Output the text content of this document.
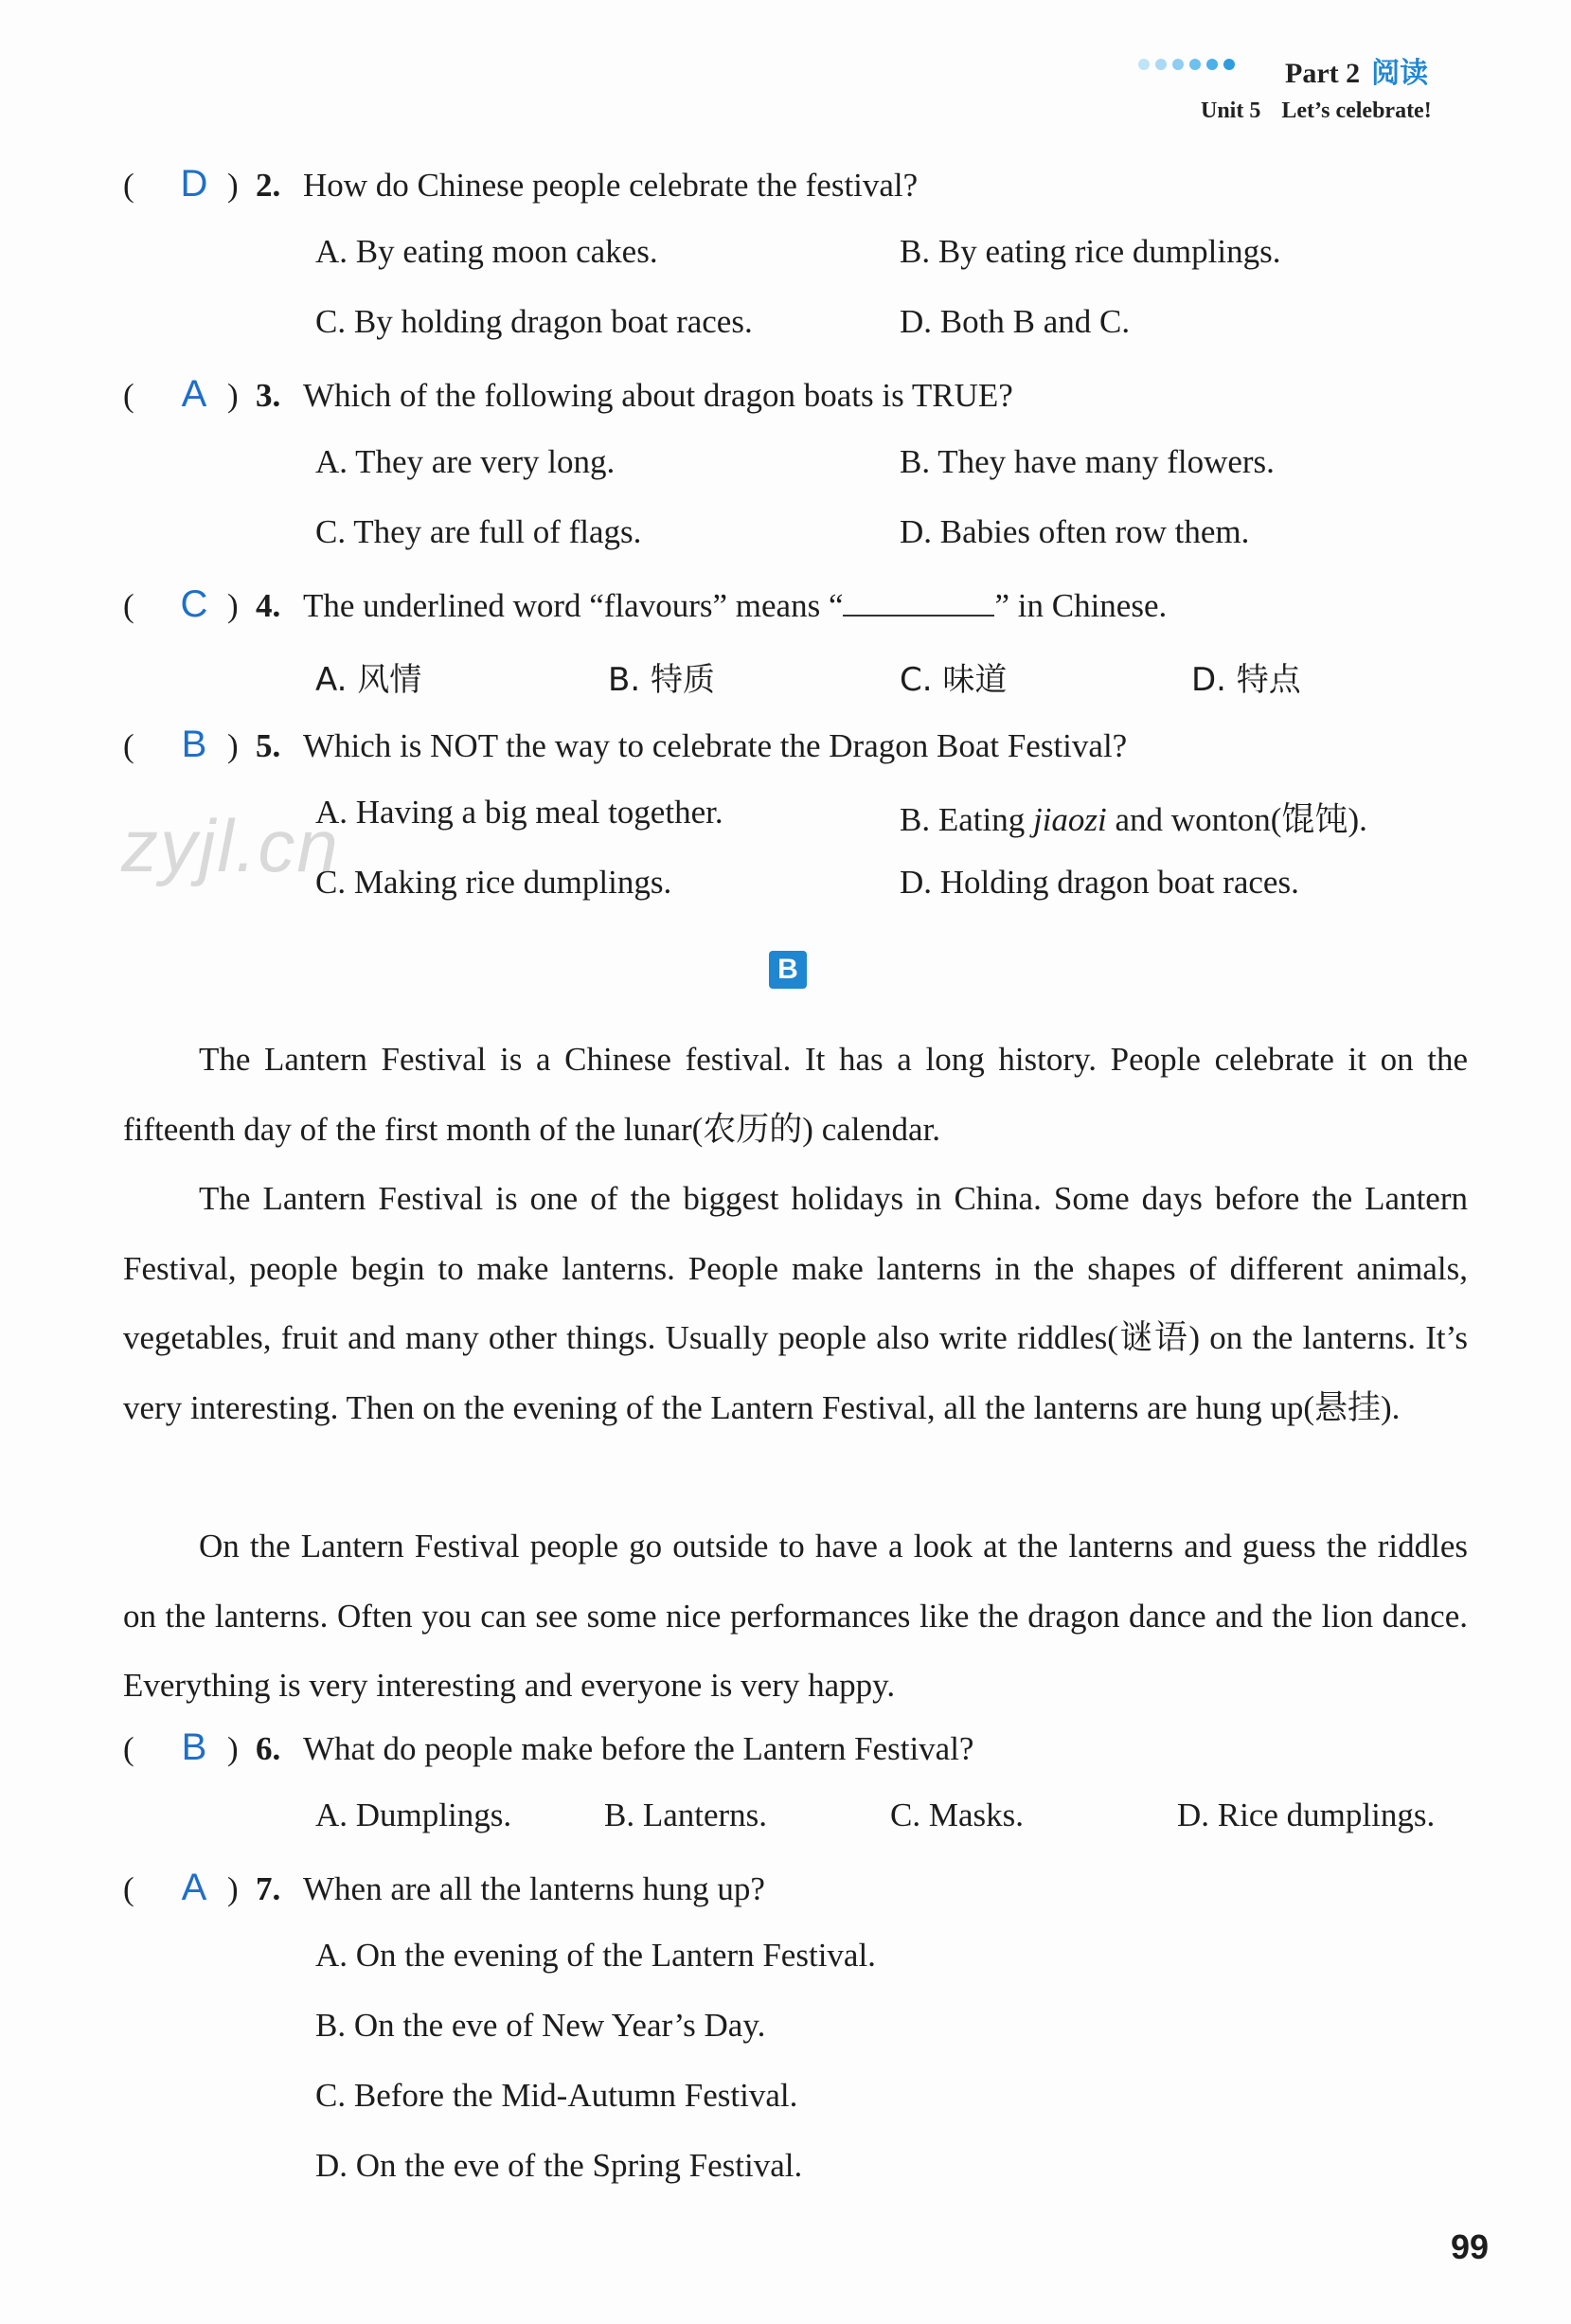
Part 2 阅读
Unit 5 Let’s celebrate!
( D ) 2. How do Chinese people celebrate the festival?
A. By eating moon cakes.	B. By eating rice dumplings.
C. By holding dragon boat races.	D. Both B and C.
( A ) 3. Which of the following about dragon boats is TRUE?
A. They are very long.	B. They have many flowers.
C. They are full of flags.	D. Babies often row them.
( C ) 4. The underlined word “flavours” means “	” in Chinese.
A. 风情	B. 特质	C. 味道	D. 特点
( B ) 5. Which is NOT the way to celebrate the Dragon Boat Festival?
A. Having a big meal together.	B. Eating jiaozi and wonton(馄饨).
C. Making rice dumplings.	D. Holding dragon boat races.
zyjl.cn
B
The Lantern Festival is a Chinese festival. It has a long history. People celebrate it on the fifteenth day of the first month of the lunar(农历的) calendar.
The Lantern Festival is one of the biggest holidays in China. Some days before the Lantern Festival, people begin to make lanterns. People make lanterns in the shapes of different animals, vegetables, fruit and many other things. Usually people also write riddles(谜语) on the lanterns. It’s very interesting. Then on the evening of the Lantern Festival, all the lanterns are hung up(悬挂).
On the Lantern Festival people go outside to have a look at the lanterns and guess the riddles on the lanterns. Often you can see some nice performances like the dragon dance and the lion dance. Everything is very interesting and everyone is very happy.
( B ) 6. What do people make before the Lantern Festival?
A. Dumplings.	B. Lanterns.	C. Masks.	D. Rice dumplings.
( A ) 7. When are all the lanterns hung up?
A. On the evening of the Lantern Festival.
B. On the eve of New Year’s Day.
C. Before the Mid-Autumn Festival.
D. On the eve of the Spring Festival.
99
